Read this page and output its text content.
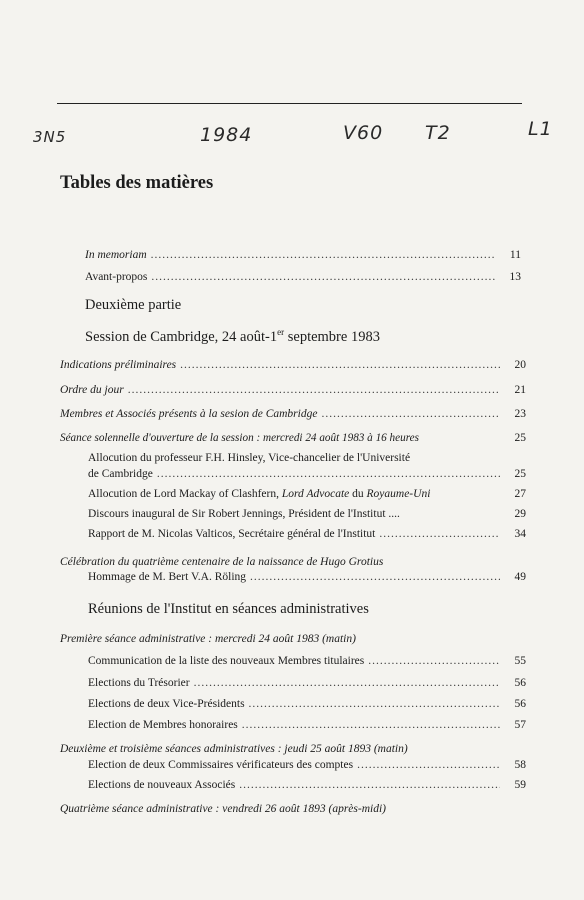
3N5	1984	V60 T2	L1
Tables des matières
In memoriam .....	11
Avant-propos .....	13
Deuxième partie
Session de Cambridge, 24 août-1er septembre 1983
Indications préliminaires .....	20
Ordre du jour .....	21
Membres et Associés présents à la sesion de Cambridge .....	23
Séance solennelle d'ouverture de la session : mercredi 24 août 1983 à 16 heures	25
Allocution du professeur F.H. Hinsley, Vice-chancelier de l'Université
de Cambridge .....	25
Allocution de Lord Mackay of Clashfern, Lord Advocate du Royaume-Uni	27
Discours inaugural de Sir Robert Jennings, Président de l'Institut ....	29
Rapport de M. Nicolas Valticos, Secrétaire général de l'Institut .....	34
Célébration du quatrième centenaire de la naissance de Hugo Grotius
Hommage de M. Bert V.A. Röling .....	49
Réunions de l'Institut en séances administratives
Première séance administrative : mercredi 24 août 1983 (matin)
Communication de la liste des nouveaux Membres titulaires .....	55
Elections du Trésorier .....	56
Elections de deux Vice-Présidents .....	56
Election de Membres honoraires .....	57
Deuxième et troisième séances administratives : jeudi 25 août 1893 (matin)
Election de deux Commissaires vérificateurs des comptes .....	58
Elections de nouveaux Associés .....	59
Quatrième séance administrative : vendredi 26 août 1893 (après-midi)
